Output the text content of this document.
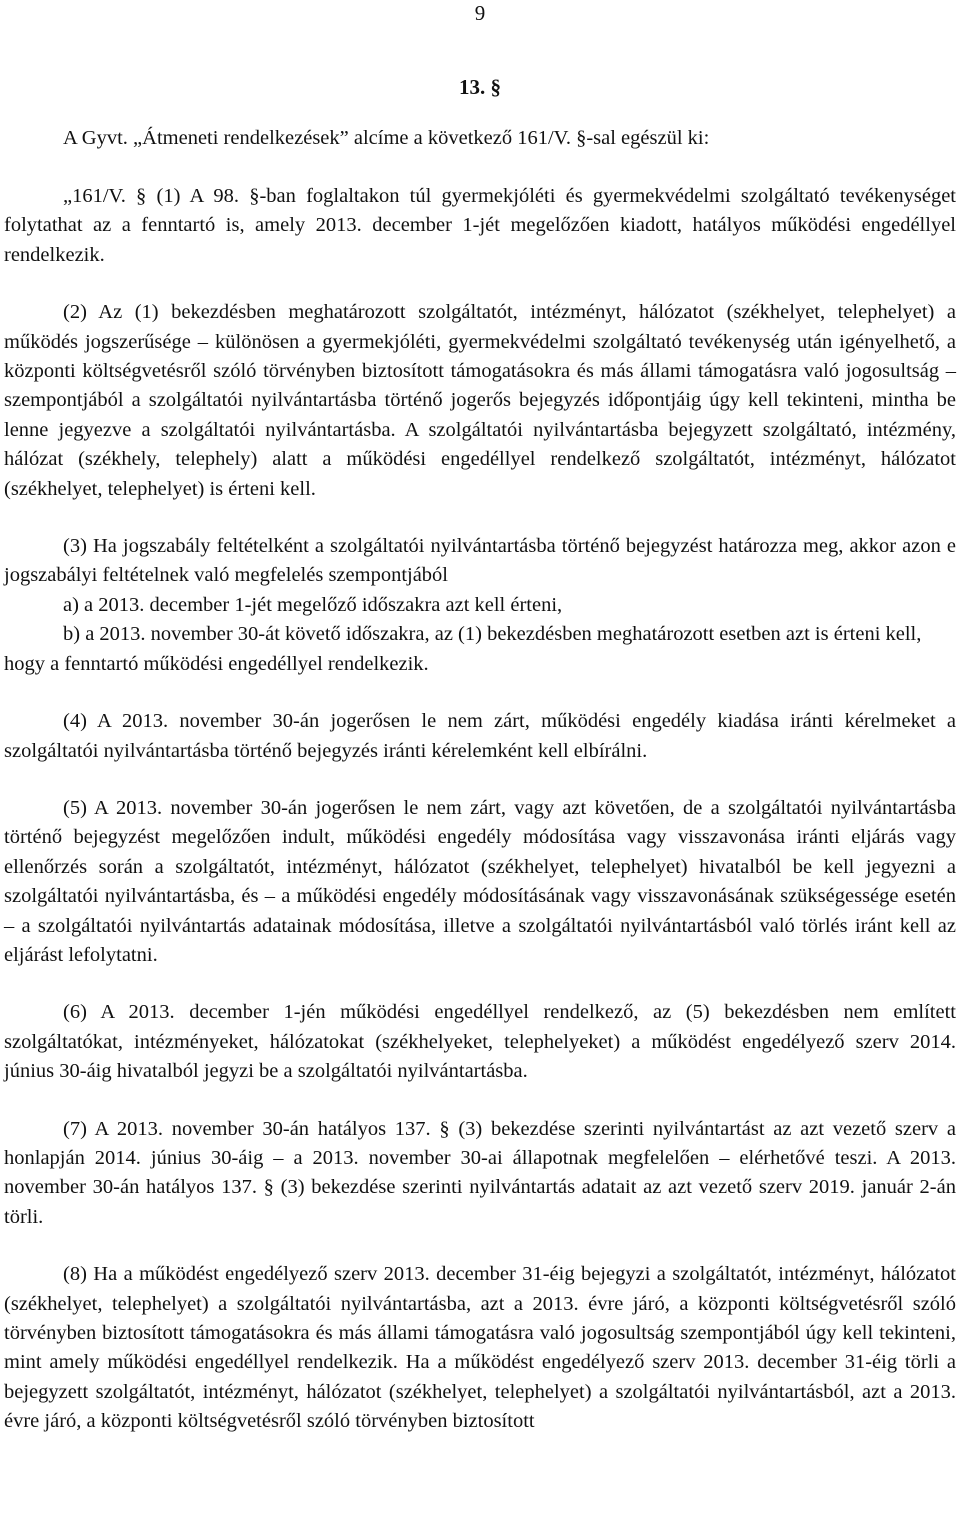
9
13. §

A Gyvt. „Átmeneti rendelkezések” alcíme a következő 161/V. §-sal egészül ki:

„161/V. § (1) A 98. §-ban foglaltakon túl gyermekjóléti és gyermekvédelmi szolgáltató tevékenységet folytathat az a fenntartó is, amely 2013. december 1-jét megelőzően kiadott, hatályos működési engedéllyel rendelkezik.

(2) Az (1) bekezdésben meghatározott szolgáltatót, intézményt, hálózatot (székhelyet, telephelyet) a működés jogszerűsége – különösen a gyermekjóléti, gyermekvédelmi szolgáltató tevékenység után igényelhető, a központi költségvetésről szóló törvényben biztosított támogatásokra és más állami támogatásra való jogosultság – szempontjából a szolgáltatói nyilvántartásba történő jogerős bejegyzés időpontjáig úgy kell tekinteni, mintha be lenne jegyezve a szolgáltatói nyilvántartásba. A szolgáltatói nyilvántartásba bejegyzett szolgáltató, intézmény, hálózat (székhely, telephely) alatt a működési engedéllyel rendelkező szolgáltatót, intézményt, hálózatot (székhelyet, telephelyet) is érteni kell.

(3) Ha jogszabály feltételként a szolgáltatói nyilvántartásba történő bejegyzést határozza meg, akkor azon e jogszabályi feltételnek való megfelelés szempontjából

a) a 2013. december 1-jét megelőző időszakra azt kell érteni,

b) a 2013. november 30-át követő időszakra, az (1) bekezdésben meghatározott esetben azt is érteni kell,

hogy a fenntartó működési engedéllyel rendelkezik.

(4) A 2013. november 30-án jogerősen le nem zárt, működési engedély kiadása iránti kérelmeket a szolgáltatói nyilvántartásba történő bejegyzés iránti kérelemként kell elbírálni.

(5) A 2013. november 30-án jogerősen le nem zárt, vagy azt követően, de a szolgáltatói nyilvántartásba történő bejegyzést megelőzően indult, működési engedély módosítása vagy visszavonása iránti eljárás vagy ellenőrzés során a szolgáltatót, intézményt, hálózatot (székhelyet, telephelyet) hivatalból be kell jegyezni a szolgáltatói nyilvántartásba, és – a működési engedély módosításának vagy visszavonásának szükségessége esetén – a szolgáltatói nyilvántartás adatainak módosítása, illetve a szolgáltatói nyilvántartásból való törlés iránt kell az eljárást lefolytatni.

(6) A 2013. december 1-jén működési engedéllyel rendelkező, az (5) bekezdésben nem említett szolgáltatókat, intézményeket, hálózatokat (székhelyeket, telephelyeket) a működést engedélyező szerv 2014. június 30-áig hivatalból jegyzi be a szolgáltatói nyilvántartásba.

(7) A 2013. november 30-án hatályos 137. § (3) bekezdése szerinti nyilvántartást az azt vezető szerv a honlapján 2014. június 30-áig – a 2013. november 30-ai állapotnak megfelelően – elérhetővé teszi. A 2013. november 30-án hatályos 137. § (3) bekezdése szerinti nyilvántartás adatait az azt vezető szerv 2019. január 2-án törli.

(8) Ha a működést engedélyező szerv 2013. december 31-éig bejegyzi a szolgáltatót, intézményt, hálózatot (székhelyet, telephelyet) a szolgáltatói nyilvántartásba, azt a 2013. évre járó, a központi költségvetésről szóló törvényben biztosított támogatásokra és más állami támogatásra való jogosultság szempontjából úgy kell tekinteni, mint amely működési engedéllyel rendelkezik. Ha a működést engedélyező szerv 2013. december 31-éig törli a bejegyzett szolgáltatót, intézményt, hálózatot (székhelyet, telephelyet) a szolgáltatói nyilvántartásból, azt a 2013. évre járó, a központi költségvetésről szóló törvényben biztosított
